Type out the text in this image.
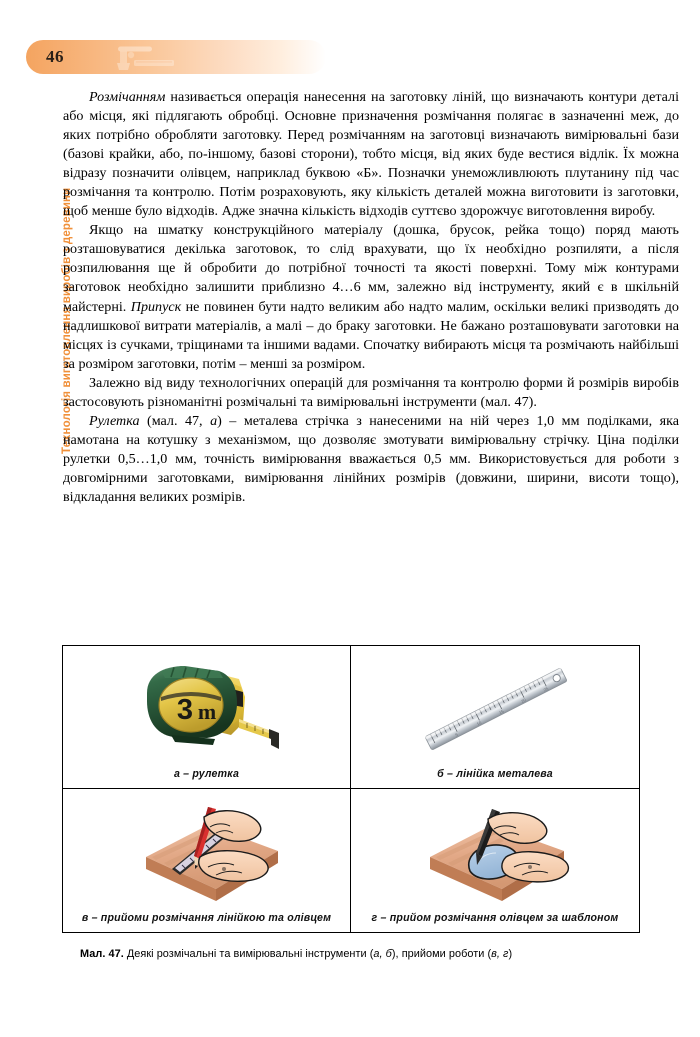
46
Технологія виготовлення виробів з деревини

Розмічанням називається операція нанесення на заготовку ліній, що визначають контури деталі або місця, які підлягають обробці. Основне призначення розмічання полягає в зазначенні меж, до яких потрібно обробляти заготовку. Перед розмічанням на заготовці визначають вимірювальні бази (базові крайки, або, по-іншому, базові сторони), тобто місця, від яких буде вестися відлік. Їх можна відразу позначити олівцем, наприклад буквою «Б». Позначки унеможливлюють плутанину під час розмічання та контролю. Потім розраховують, яку кількість деталей можна виготовити із заготовки, щоб менше було відходів. Адже значна кількість відходів суттєво здорожчує виготовлення виробу.

Якщо на шматку конструкційного матеріалу (дошка, брусок, рейка тощо) поряд мають розташовуватися декілька заготовок, то слід врахувати, що їх необхідно розпиляти, а після розпилювання ще й обробити до потрібної точності та якості поверхні. Тому між контурами заготовок необхідно залишити приблизно 4…6 мм, залежно від інструменту, який є в шкільній майстерні. Припуск не повинен бути надто великим або надто малим, оскільки великі призводять до надлишкової витрати матеріалів, а малі – до браку заготовки. Не бажано розташовувати заготовки на місцях із сучками, тріщинами та іншими вадами. Спочатку вибирають місця та розмічають найбільші за розміром заготовки, потім – менші за розміром.

Залежно від виду технологічних операцій для розмічання та контролю форми й розмірів виробів застосовують різноманітні розмічальні та вимірювальні інструменти (мал. 47).

Рулетка (мал. 47, а) – металева стрічка з нанесеними на ній через 1,0 мм поділками, яка намотана на котушку з механізмом, що дозволяє змотувати вимірювальну стрічку. Ціна поділки рулетки 0,5…1,0 мм, точність вимірювання вважається 0,5 мм. Використовується для роботи з довгомірними заготовками, вимірювання лінійних розмірів (довжини, ширини, висоти тощо), відкладання великих розмірів.

3 m
а – рулетка
5
10
15
20
25
б – лінійка металева
в – прийоми розмічання лінійкою та олівцем	г – прийом розмічання олівцем за шаблоном
Мал. 47. Деякі розмічальні та вимірювальні інструменти (а, б), прийоми роботи (в, г)
